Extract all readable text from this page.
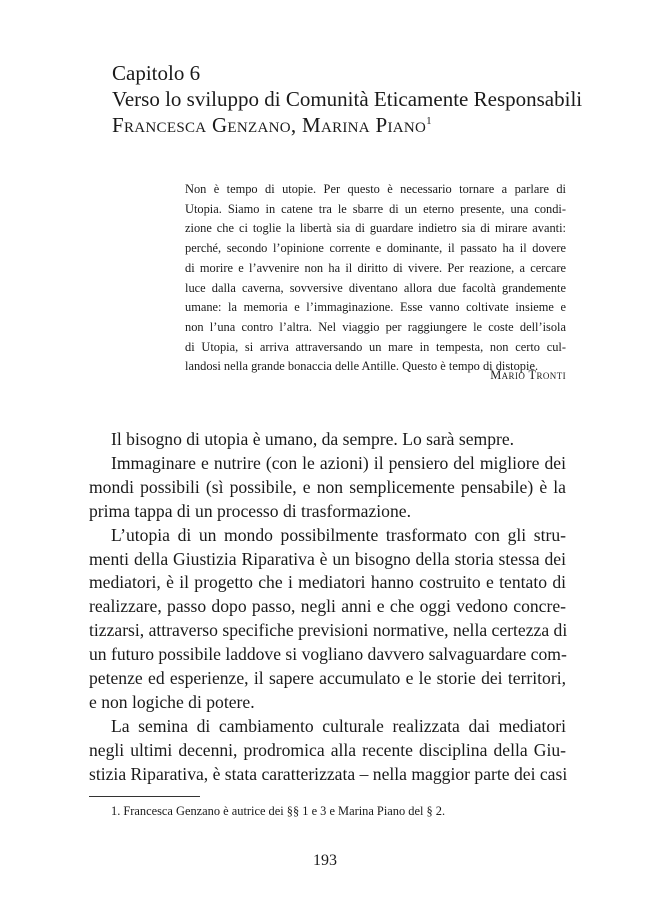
Capitolo 6
Verso lo sviluppo di Comunità Eticamente Responsabili
Francesca Genzano, Marina Piano$^1$
Non è tempo di utopie. Per questo è necessario tornare a parlare di
Utopia. Siamo in catene tra le sbarre di un eterno presente, una condi-
zione che ci toglie la libertà sia di guardare indietro sia di mirare avanti:
perché, secondo l’opinione corrente e dominante, il passato ha il dovere
di morire e l’avvenire non ha il diritto di vivere. Per reazione, a cercare
luce dalla caverna, sovversive diventano allora due facoltà grandemente
umane: la memoria e l’immaginazione. Esse vanno coltivate insieme e
non l’una contro l’altra. Nel viaggio per raggiungere le coste dell’isola
di Utopia, si arriva attraversando un mare in tempesta, non certo cul-
landosi nella grande bonaccia delle Antille. Questo è tempo di distopie.
Mario Tronti
Il bisogno di utopia è umano, da sempre. Lo sarà sempre.
Immaginare e nutrire (con le azioni) il pensiero del migliore dei
mondi possibili (sì possibile, e non semplicemente pensabile) è la
prima tappa di un processo di trasformazione.
L’utopia di un mondo possibilmente trasformato con gli stru-
menti della Giustizia Riparativa è un bisogno della storia stessa dei
mediatori, è il progetto che i mediatori hanno costruito e tentato di
realizzare, passo dopo passo, negli anni e che oggi vedono concre-
tizzarsi, attraverso specifiche previsioni normative, nella certezza di
un futuro possibile laddove si vogliano davvero salvaguardare com-
petenze ed esperienze, il sapere accumulato e le storie dei territori,
e non logiche di potere.
La semina di cambiamento culturale realizzata dai mediatori
negli ultimi decenni, prodromica alla recente disciplina della Giu-
stizia Riparativa, è stata caratterizzata – nella maggior parte dei casi
1. Francesca Genzano è autrice dei §§ 1 e 3 e Marina Piano del § 2.
193
